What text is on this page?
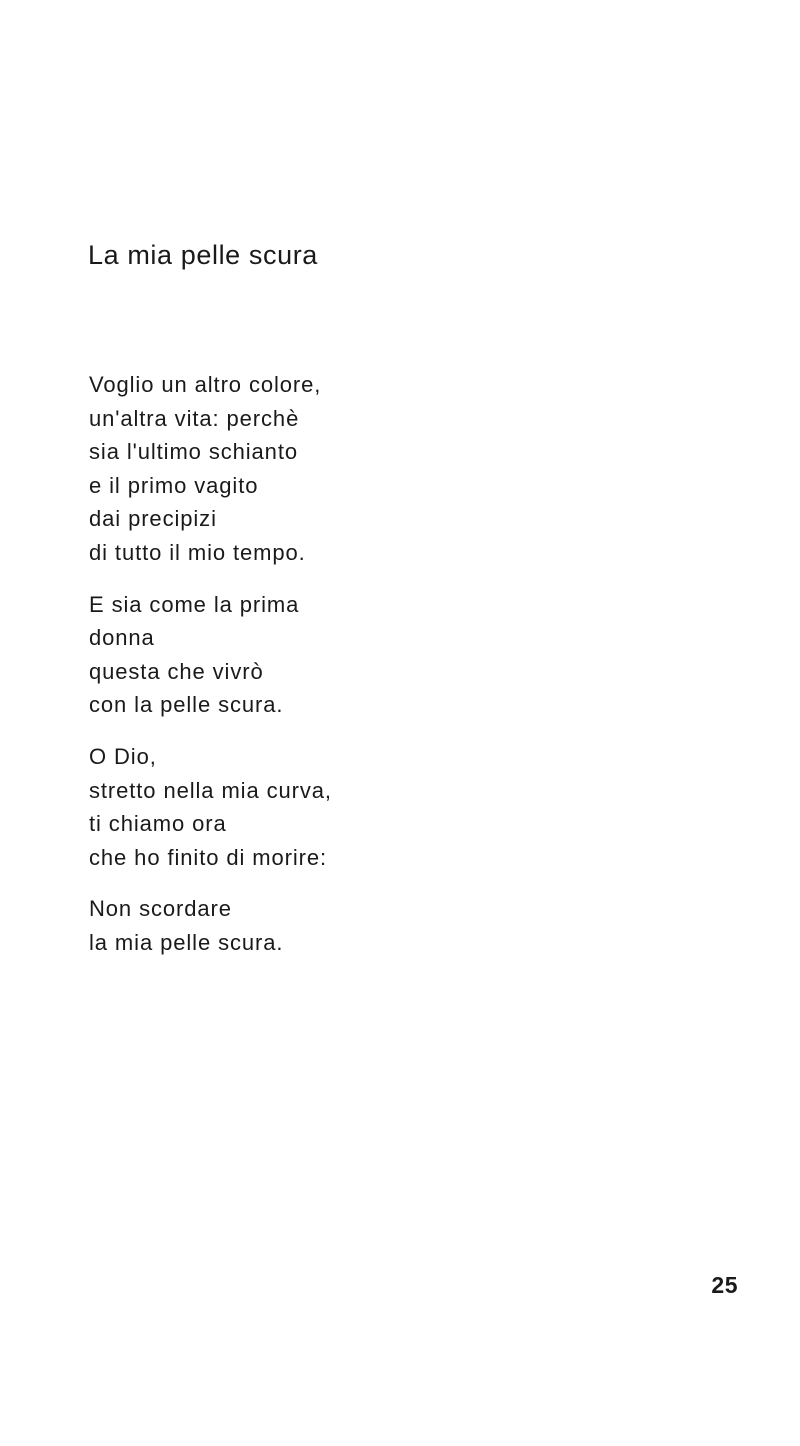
La mia pelle scura
Voglio un altro colore,
un'altra vita: perchè
sia l'ultimo schianto
e il primo vagito
dai precipizi
di tutto il mio tempo.
E sia come la prima
donna
questa che vivrò
con la pelle scura.
O Dio,
stretto nella mia curva,
ti chiamo ora
che ho finito di morire:
Non scordare
la mia pelle scura.
25
